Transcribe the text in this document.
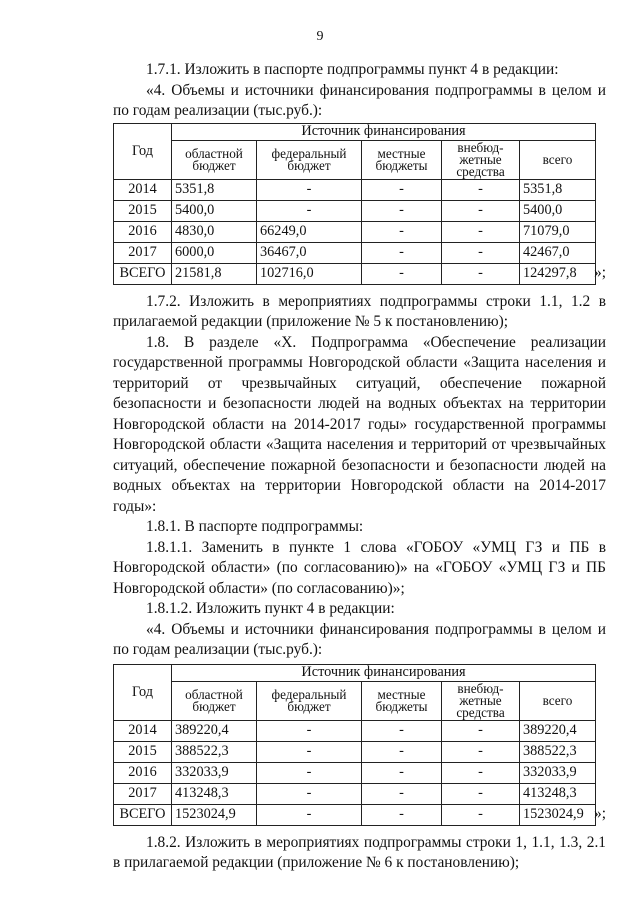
9

1.7.1. Изложить в паспорте подпрограммы пункт 4 в редакции:

«4. Объемы и источники финансирования подпрограммы в целом и по годам реализации (тыс.руб.):

Год	Источник финансирования				
	областной бюджет	федеральный бюджет	местные бюджеты	внебюд-жетные средства	всего
2014	5351,8	-	-	-	5351,8
2015	5400,0	-	-	-	5400,0
2016	4830,0	66249,0	-	-	71079,0
2017	6000,0	36467,0	-	-	42467,0
ВСЕГО	21581,8	102716,0	-	-	124297,8 »;

1.7.2. Изложить в мероприятиях подпрограммы строки 1.1, 1.2 в прилагаемой редакции (приложение № 5 к постановлению);

1.8. В разделе «Х. Подпрограмма «Обеспечение реализации государственной программы Новгородской области «Защита населения и территорий от чрезвычайных ситуаций, обеспечение пожарной безопасности и безопасности людей на водных объектах на территории Новгородской области на 2014-2017 годы» государственной программы Новгородской области «Защита населения и территорий от чрезвычайных ситуаций, обеспечение пожарной безопасности и безопасности людей на водных объектах на территории Новгородской области на 2014-2017 годы»:

1.8.1. В паспорте подпрограммы:

1.8.1.1. Заменить в пункте 1 слова «ГОБОУ «УМЦ ГЗ и ПБ в Новгородской области» (по согласованию)» на «ГОБОУ «УМЦ ГЗ и ПБ Новгородской области» (по согласованию)»;

1.8.1.2. Изложить пункт 4 в редакции:

«4. Объемы и источники финансирования подпрограммы в целом и по годам реализации (тыс.руб.):

Год	Источник финансирования				
	областной бюджет	федеральный бюджет	местные бюджеты	внебюд-жетные средства	всего
2014	389220,4	-	-	-	389220,4
2015	388522,3	-	-	-	388522,3
2016	332033,9	-	-	-	332033,9
2017	413248,3	-	-	-	413248,3
ВСЕГО	1523024,9	-	-	-	1523024,9 »;

1.8.2. Изложить в мероприятиях подпрограммы строки 1, 1.1, 1.3, 2.1 в прилагаемой редакции (приложение № 6 к постановлению);
